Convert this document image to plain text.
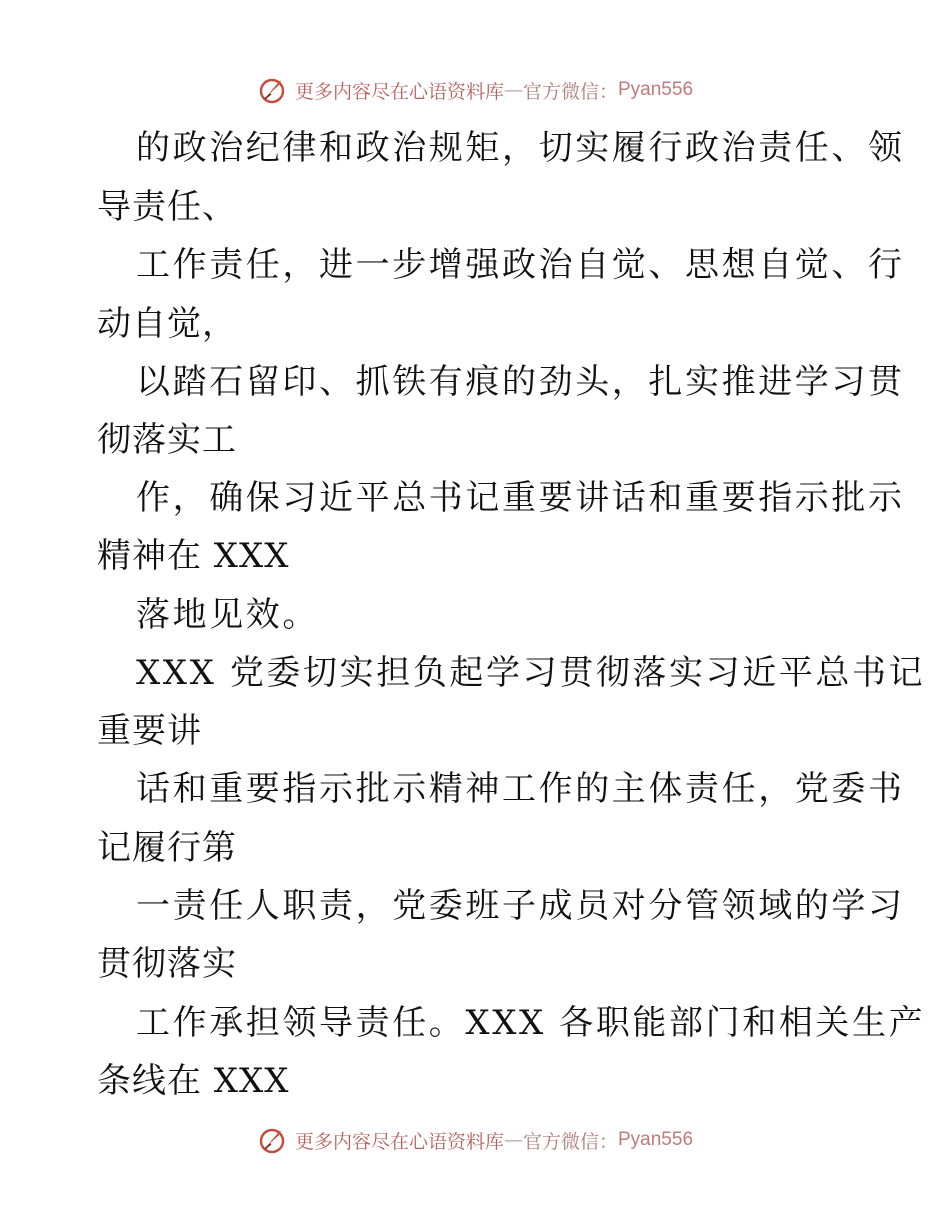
更多内容尽在心语资料库 — 官方微信： Pyan556
的政治纪律和政治规矩，切实履行政治责任、领
导责任、
工作责任，进一步增强政治自觉、思想自觉、行
动自觉，
以踏石留印、抓铁有痕的劲头，扎实推进学习贯
彻落实工
作，确保习近平总书记重要讲话和重要指示批示
精神在 XXX
落地见效。
XXX 党委切实担负起学习贯彻落实习近平总书记
重要讲
话和重要指示批示精神工作的主体责任，党委书
记履行第
一责任人职责，党委班子成员对分管领域的学习
贯彻落实
工作承担领导责任。XXX 各职能部门和相关生产
条线在 XXX
更多内容尽在心语资料库 — 官方微信： Pyan556
